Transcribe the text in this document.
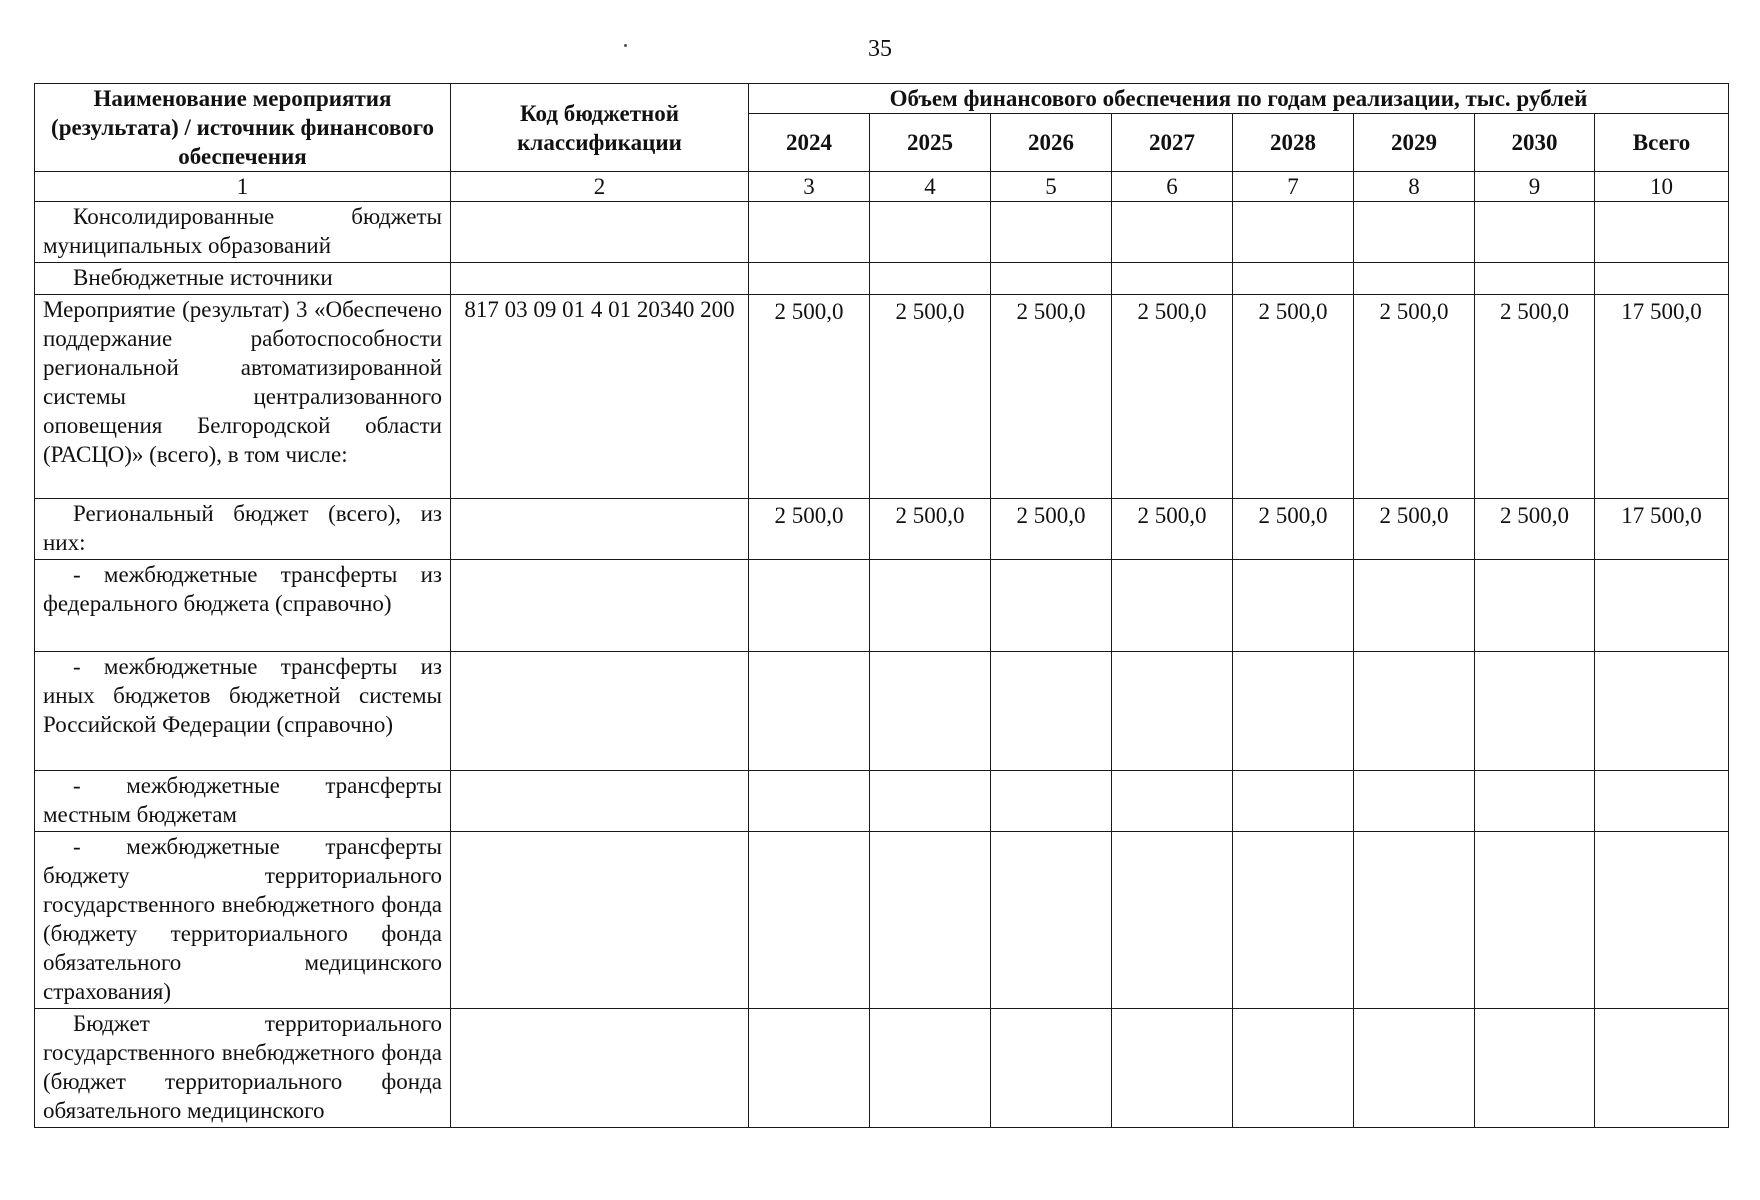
35
Наименование мероприятия (результата) / источник финансового обеспечения	Код бюджетной классификации	Объем финансового обеспечения по годам реализации, тыс. рублей							
		2024	2025	2026	2027	2028	2029	2030	Всего
1	2	3	4	5	6	7	8	9	10
Консолидированные бюджеты муниципальных образований									
Внебюджетные источники									
Мероприятие (результат) 3 «Обеспечено поддержание работоспособности региональной автоматизированной системы централизованного оповещения Белгородской области (РАСЦО)» (всего), в том числе:	817 03 09 01 4 01 20340 200	2 500,0	2 500,0	2 500,0	2 500,0	2 500,0	2 500,0	2 500,0	17 500,0
Региональный бюджет (всего), из них:		2 500,0	2 500,0	2 500,0	2 500,0	2 500,0	2 500,0	2 500,0	17 500,0
- межбюджетные трансферты из федерального бюджета (справочно)									
- межбюджетные трансферты из иных бюджетов бюджетной системы Российской Федерации (справочно)									
- межбюджетные трансферты местным бюджетам									
- межбюджетные трансферты бюджету территориального государственного внебюджетного фонда (бюджету территориального фонда обязательного медицинского страхования)									
Бюджет территориального государственного внебюджетного фонда (бюджет территориального фонда обязательного медицинского									
